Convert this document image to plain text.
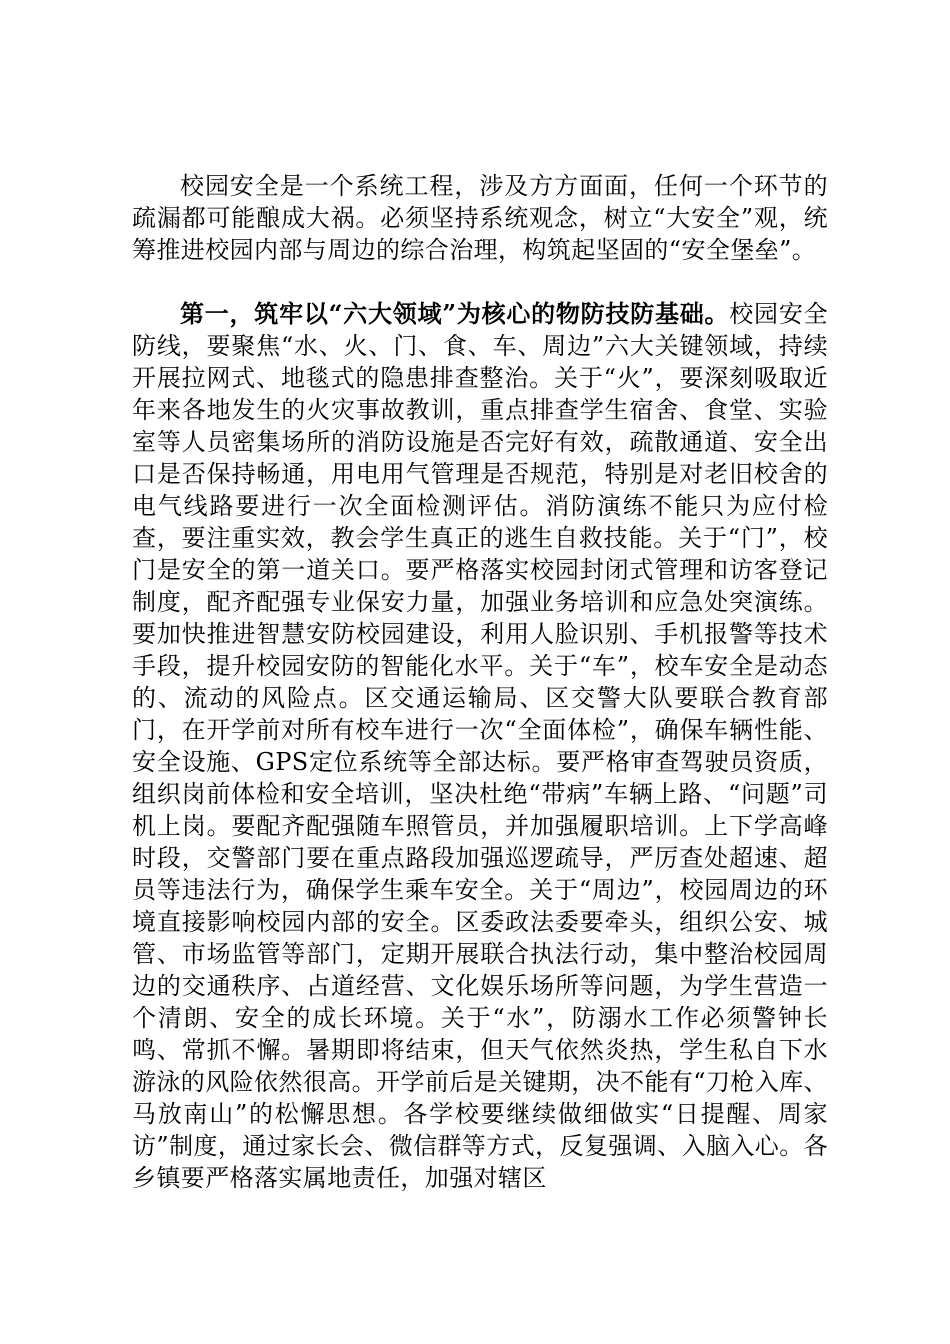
校园安全是一个系统工程，涉及方方面面，任何一个环节的疏漏都可能酿成大祸。必须坚持系统观念，树立“大安全”观，统筹推进校园内部与周边的综合治理，构筑起坚固的“安全堡垒”。

第一，筑牢以“六大领域”为核心的物防技防基础。校园安全防线，要聚焦“水、火、门、食、车、周边”六大关键领域，持续开展拉网式、地毯式的隐患排查整治。关于“火”，要深刻吸取近年来各地发生的火灾事故教训，重点排查学生宿舍、食堂、实验室等人员密集场所的消防设施是否完好有效，疏散通道、安全出口是否保持畅通，用电用气管理是否规范，特别是对老旧校舍的电气线路要进行一次全面检测评估。消防演练不能只为应付检查，要注重实效，教会学生真正的逃生自救技能。关于“门”，校门是安全的第一道关口。要严格落实校园封闭式管理和访客登记制度，配齐配强专业保安力量，加强业务培训和应急处突演练。要加快推进智慧安防校园建设，利用人脸识别、手机报警等技术手段，提升校园安防的智能化水平。关于“车”，校车安全是动态的、流动的风险点。区交通运输局、区交警大队要联合教育部门，在开学前对所有校车进行一次“全面体检”，确保车辆性能、安全设施、GPS定位系统等全部达标。要严格审查驾驶员资质，组织岗前体检和安全培训，坚决杜绝“带病”车辆上路、“问题”司机上岗。要配齐配强随车照管员，并加强履职培训。上下学高峰时段，交警部门要在重点路段加强巡逻疏导，严厉查处超速、超员等违法行为，确保学生乘车安全。关于“周边”，校园周边的环境直接影响校园内部的安全。区委政法委要牵头，组织公安、城管、市场监管等部门，定期开展联合执法行动，集中整治校园周边的交通秩序、占道经营、文化娱乐场所等问题，为学生营造一个清朗、安全的成长环境。关于“水”，防溺水工作必须警钟长鸣、常抓不懈。暑期即将结束，但天气依然炎热，学生私自下水游泳的风险依然很高。开学前后是关键期，决不能有“刀枪入库、马放南山”的松懈思想。各学校要继续做细做实“日提醒、周家访”制度，通过家长会、微信群等方式，反复强调、入脑入心。各乡镇要严格落实属地责任，加强对辖区
